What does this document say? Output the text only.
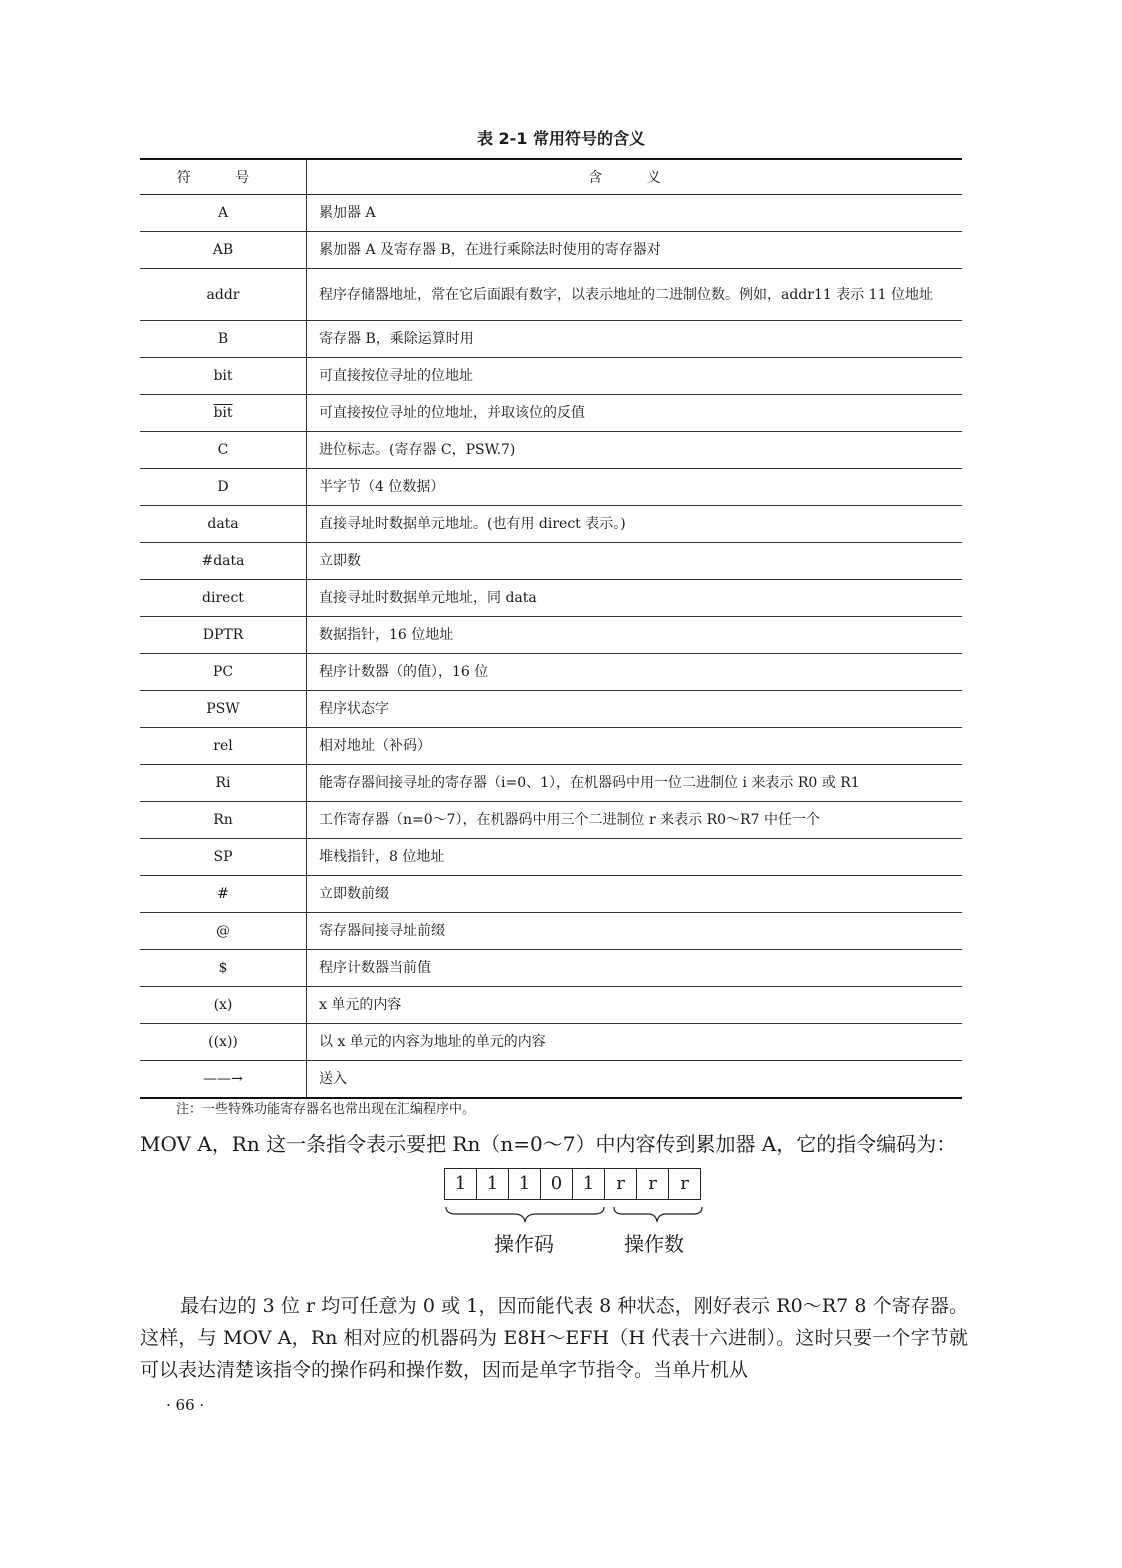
表 2-1 常用符号的含义
符 号	含 义
A	累加器 A
AB	累加器 A 及寄存器 B，在进行乘除法时使用的寄存器对
addr	程序存储器地址，常在它后面跟有数字，以表示地址的二进制位数。例如，addr11 表示 11 位地址
B	寄存器 B，乘除运算时用
bit	可直接按位寻址的位地址
$\overline{bit}$	可直接按位寻址的位地址，并取该位的反值
C	进位标志。(寄存器 C，PSW.7)
D	半字节（4 位数据）
data	直接寻址时数据单元地址。(也有用 direct 表示。)
#data	立即数
direct	直接寻址时数据单元地址，同 data
DPTR	数据指针，16 位地址
PC	程序计数器（的值），16 位
PSW	程序状态字
rel	相对地址（补码）
Ri	能寄存器间接寻址的寄存器（i=0、1），在机器码中用一位二进制位 i 来表示 R0 或 R1
Rn	工作寄存器（n=0～7），在机器码中用三个二进制位 r 来表示 R0～R7 中任一个
SP	堆栈指针，8 位地址
#	立即数前缀
@	寄存器间接寻址前缀
$	程序计数器当前值
(x)	x 单元的内容
((x))	以 x 单元的内容为地址的单元的内容
——→	送入
注：一些特殊功能寄存器名也常出现在汇编程序中。
MOV A，Rn 这一条指令表示要把 Rn（n=0～7）中内容传到累加器 A，它的指令编码为：
1	1	1	0	1	r	r	r
操作码	操作数
最右边的 3 位 r 均可任意为 0 或 1，因而能代表 8 种状态，刚好表示 R0～R7 8 个寄存器。这样，与 MOV A，Rn 相对应的机器码为 E8H～EFH（H 代表十六进制）。这时只要一个字节就可以表达清楚该指令的操作码和操作数，因而是单字节指令。当单片机从
· 66 ·
